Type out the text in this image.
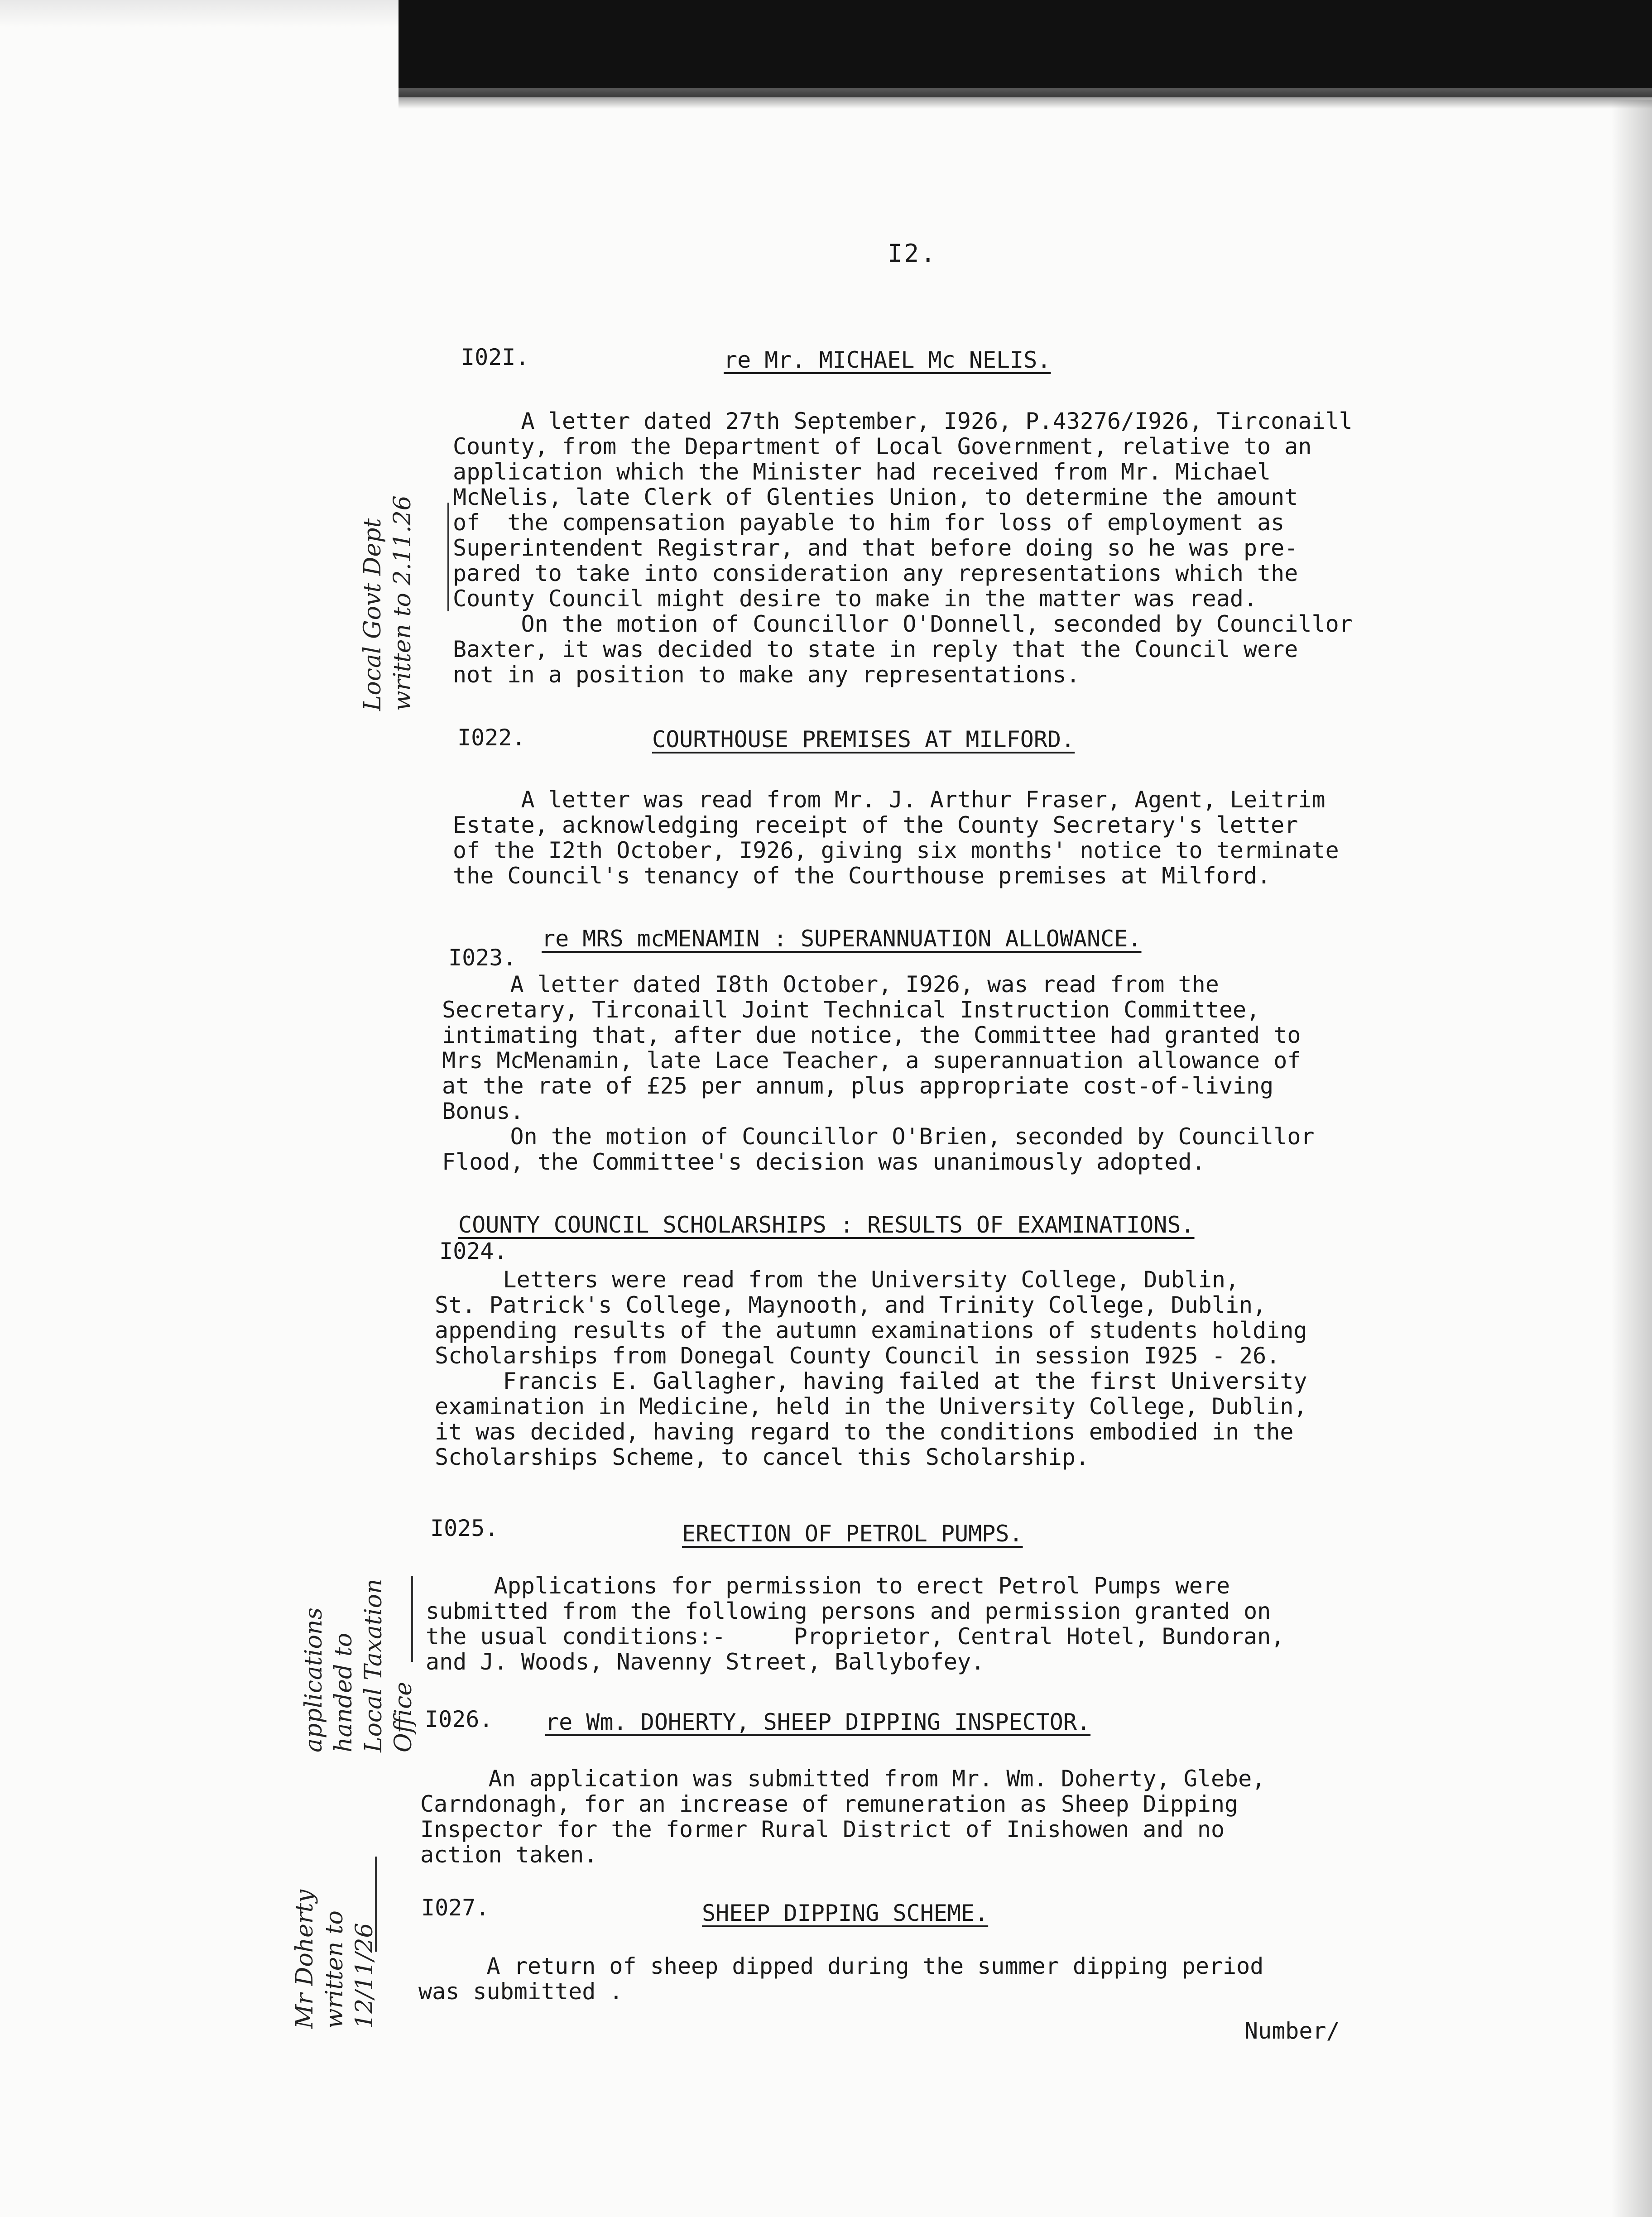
I2.
I02I.	re Mr. MICHAEL Mc NELIS.
A letter dated 27th September, I926, P.43276/I926, Tirconaill
County, from the Department of Local Government, relative to an
application which the Minister had received from Mr. Michael
McNelis, late Clerk of Glenties Union, to determine the amount
of  the compensation payable to him for loss of employment as
Superintendent Registrar, and that before doing so he was pre-
pared to take into consideration any representations which the
County Council might desire to make in the matter was read.
On the motion of Councillor O'Donnell, seconded by Councillor
Baxter, it was decided to state in reply that the Council were
not in a position to make any representations.
Local Govt Dept
written to 2.11.26
I022.	COURTHOUSE PREMISES AT MILFORD.
A letter was read from Mr. J. Arthur Fraser, Agent, Leitrim
Estate, acknowledging receipt of the County Secretary's letter
of the I2th October, I926, giving six months' notice to terminate
the Council's tenancy of the Courthouse premises at Milford.
re MRS mcMENAMIN : SUPERANNUATION ALLOWANCE.
I023.
A letter dated I8th October, I926, was read from the
Secretary, Tirconaill Joint Technical Instruction Committee,
intimating that, after due notice, the Committee had granted to
Mrs McMenamin, late Lace Teacher, a superannuation allowance of
at the rate of £25 per annum, plus appropriate cost-of-living
Bonus.
On the motion of Councillor O'Brien, seconded by Councillor
Flood, the Committee's decision was unanimously adopted.
COUNTY COUNCIL SCHOLARSHIPS : RESULTS OF EXAMINATIONS.
I024.
Letters were read from the University College, Dublin,
St. Patrick's College, Maynooth, and Trinity College, Dublin,
appending results of the autumn examinations of students holding
Scholarships from Donegal County Council in session I925 - 26.
Francis E. Gallagher, having failed at the first University
examination in Medicine, held in the University College, Dublin,
it was decided, having regard to the conditions embodied in the
Scholarships Scheme, to cancel this Scholarship.
I025.	ERECTION OF PETROL PUMPS.
Applications for permission to erect Petrol Pumps were
submitted from the following persons and permission granted on
the usual conditions:-     Proprietor, Central Hotel, Bundoran,
and J. Woods, Navenny Street, Ballybofey.
applications
handed to
Local Taxation
Office I026. re Wm. DOHERTY, SHEEP DIPPING INSPECTOR.
An application was submitted from Mr. Wm. Doherty, Glebe,
Carndonagh, for an increase of remuneration as Sheep Dipping
Inspector for the former Rural District of Inishowen and no
action taken.
I027.	SHEEP DIPPING SCHEME.
A return of sheep dipped during the summer dipping period
was submitted .
Mr Doherty
written to
12/11/26
Number/
